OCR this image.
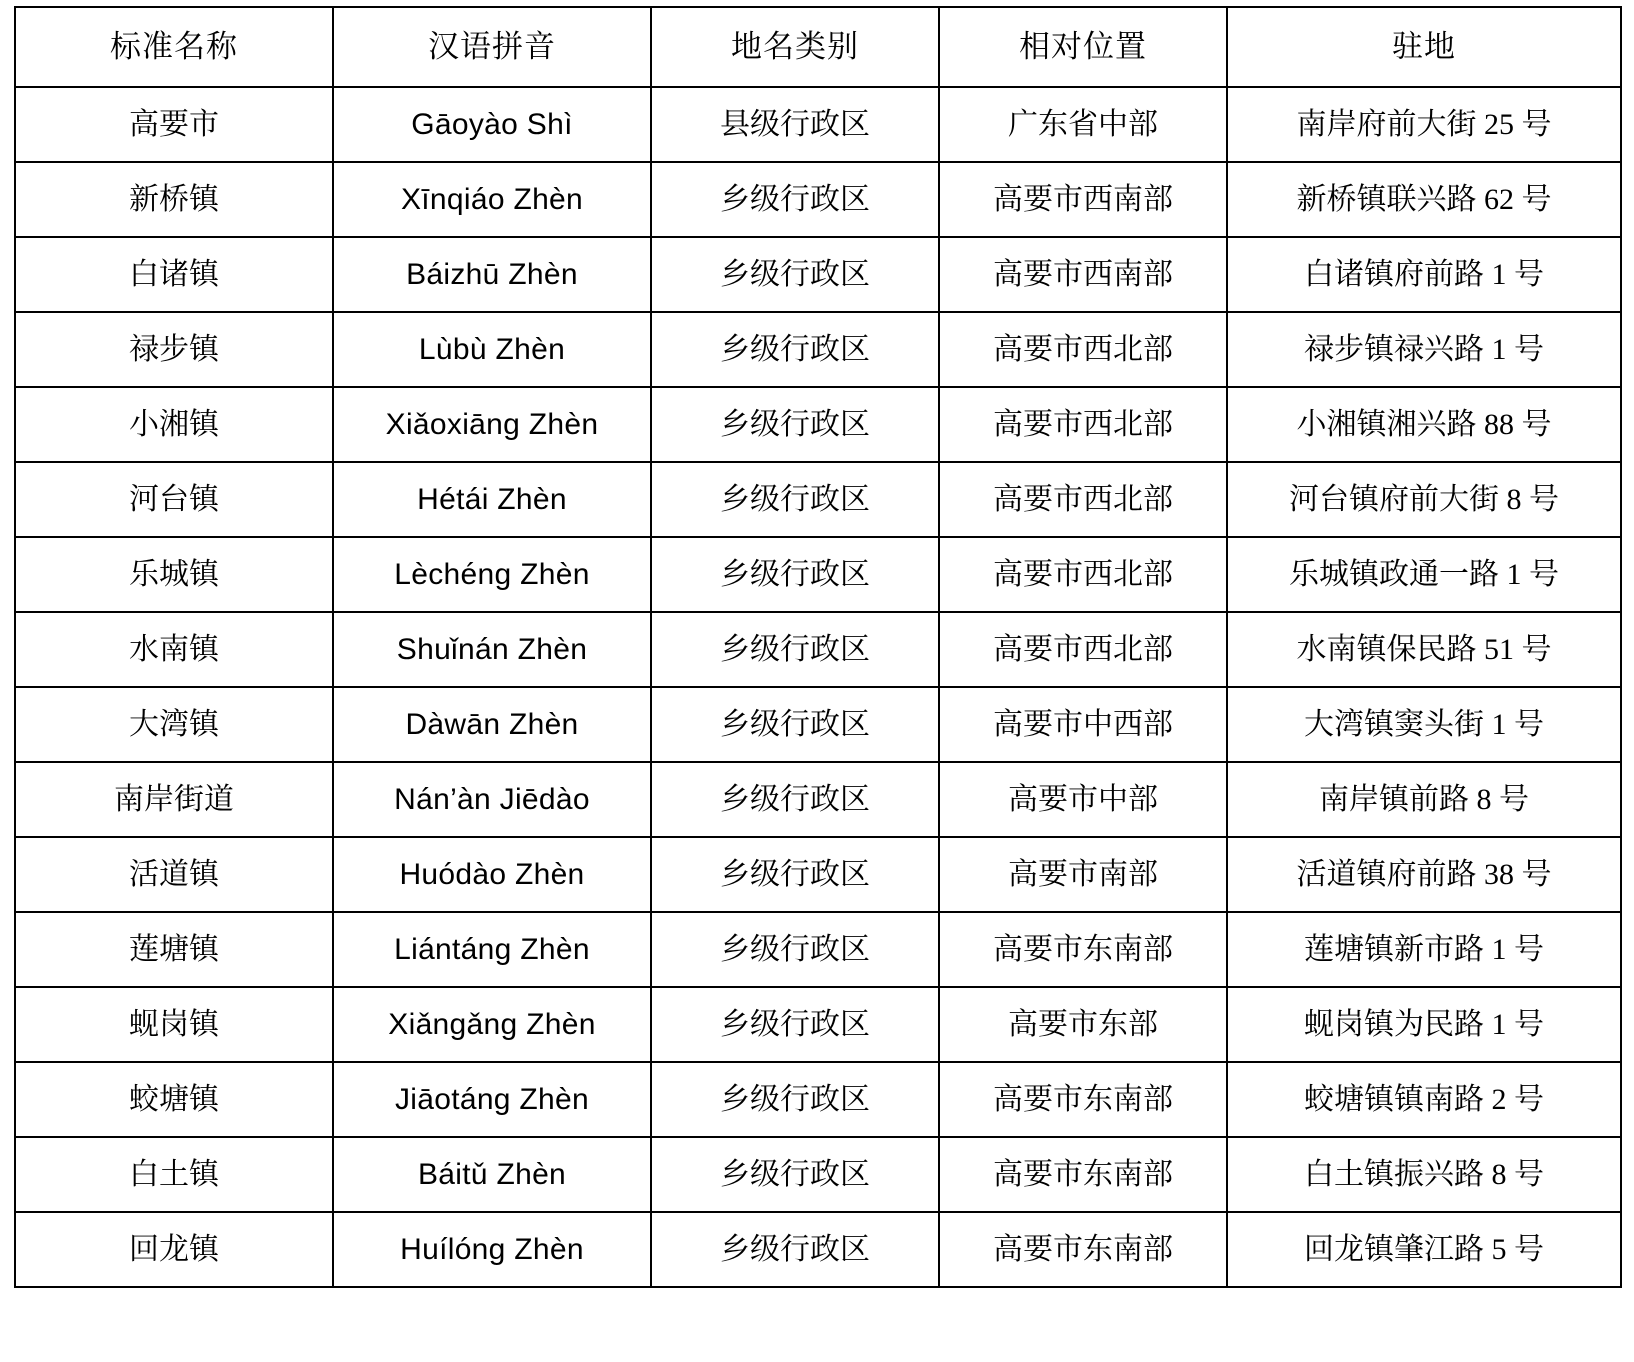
标准名称	汉语拼音	地名类别	相对位置	驻地
高要市	Gāoyào Shì	县级行政区	广东省中部	南岸府前大街 25 号
新桥镇	Xīnqiáo Zhèn	乡级行政区	高要市西南部	新桥镇联兴路 62 号
白诸镇	Báizhū Zhèn	乡级行政区	高要市西南部	白诸镇府前路 1 号
禄步镇	Lùbù Zhèn	乡级行政区	高要市西北部	禄步镇禄兴路 1 号
小湘镇	Xiǎoxiāng Zhèn	乡级行政区	高要市西北部	小湘镇湘兴路 88 号
河台镇	Hétái Zhèn	乡级行政区	高要市西北部	河台镇府前大街 8 号
乐城镇	Lèchéng Zhèn	乡级行政区	高要市西北部	乐城镇政通一路 1 号
水南镇	Shuǐnán Zhèn	乡级行政区	高要市西北部	水南镇保民路 51 号
大湾镇	Dàwān Zhèn	乡级行政区	高要市中西部	大湾镇窦头街 1 号
南岸街道	Nán’àn Jiēdào	乡级行政区	高要市中部	南岸镇前路 8 号
活道镇	Huódào Zhèn	乡级行政区	高要市南部	活道镇府前路 38 号
莲塘镇	Liántáng Zhèn	乡级行政区	高要市东南部	莲塘镇新市路 1 号
蚬岗镇	Xiǎngǎng Zhèn	乡级行政区	高要市东部	蚬岗镇为民路 1 号
蛟塘镇	Jiāotáng Zhèn	乡级行政区	高要市东南部	蛟塘镇镇南路 2 号
白土镇	Báitǔ Zhèn	乡级行政区	高要市东南部	白土镇振兴路 8 号
回龙镇	Huílóng Zhèn	乡级行政区	高要市东南部	回龙镇肇江路 5 号
